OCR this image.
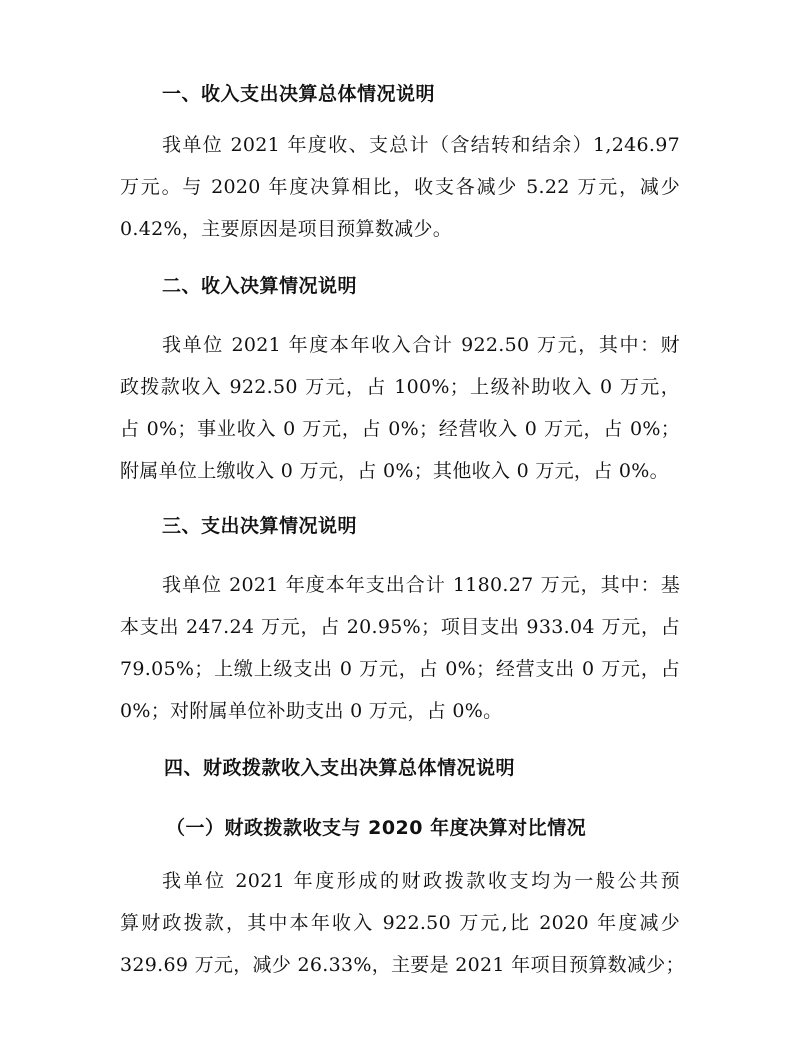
一、收入支出决算总体情况说明
我单位 2021 年度收、支总计（含结转和结余）1,246.97
万元。与 2020 年度决算相比，收支各减少 5.22 万元，减少
0.42%，主要原因是项目预算数减少。
二、收入决算情况说明
我单位 2021 年度本年收入合计 922.50 万元，其中：财
政拨款收入 922.50 万元，占 100%；上级补助收入 0 万元，
占 0%；事业收入 0 万元，占 0%；经营收入 0 万元，占 0%；
附属单位上缴收入 0 万元，占 0%；其他收入 0 万元，占 0%。
三、支出决算情况说明
我单位 2021 年度本年支出合计 1180.27 万元，其中：基
本支出 247.24 万元，占 20.95%；项目支出 933.04 万元，占
79.05%；上缴上级支出 0 万元，占 0%；经营支出 0 万元，占
0%；对附属单位补助支出 0 万元，占 0%。
四、财政拨款收入支出决算总体情况说明
（一）财政拨款收支与 2020 年度决算对比情况
我单位 2021 年度形成的财政拨款收支均为一般公共预
算财政拨款，其中本年收入 922.50 万元,比 2020 年度减少
329.69 万元，减少 26.33%，主要是 2021 年项目预算数减少；
